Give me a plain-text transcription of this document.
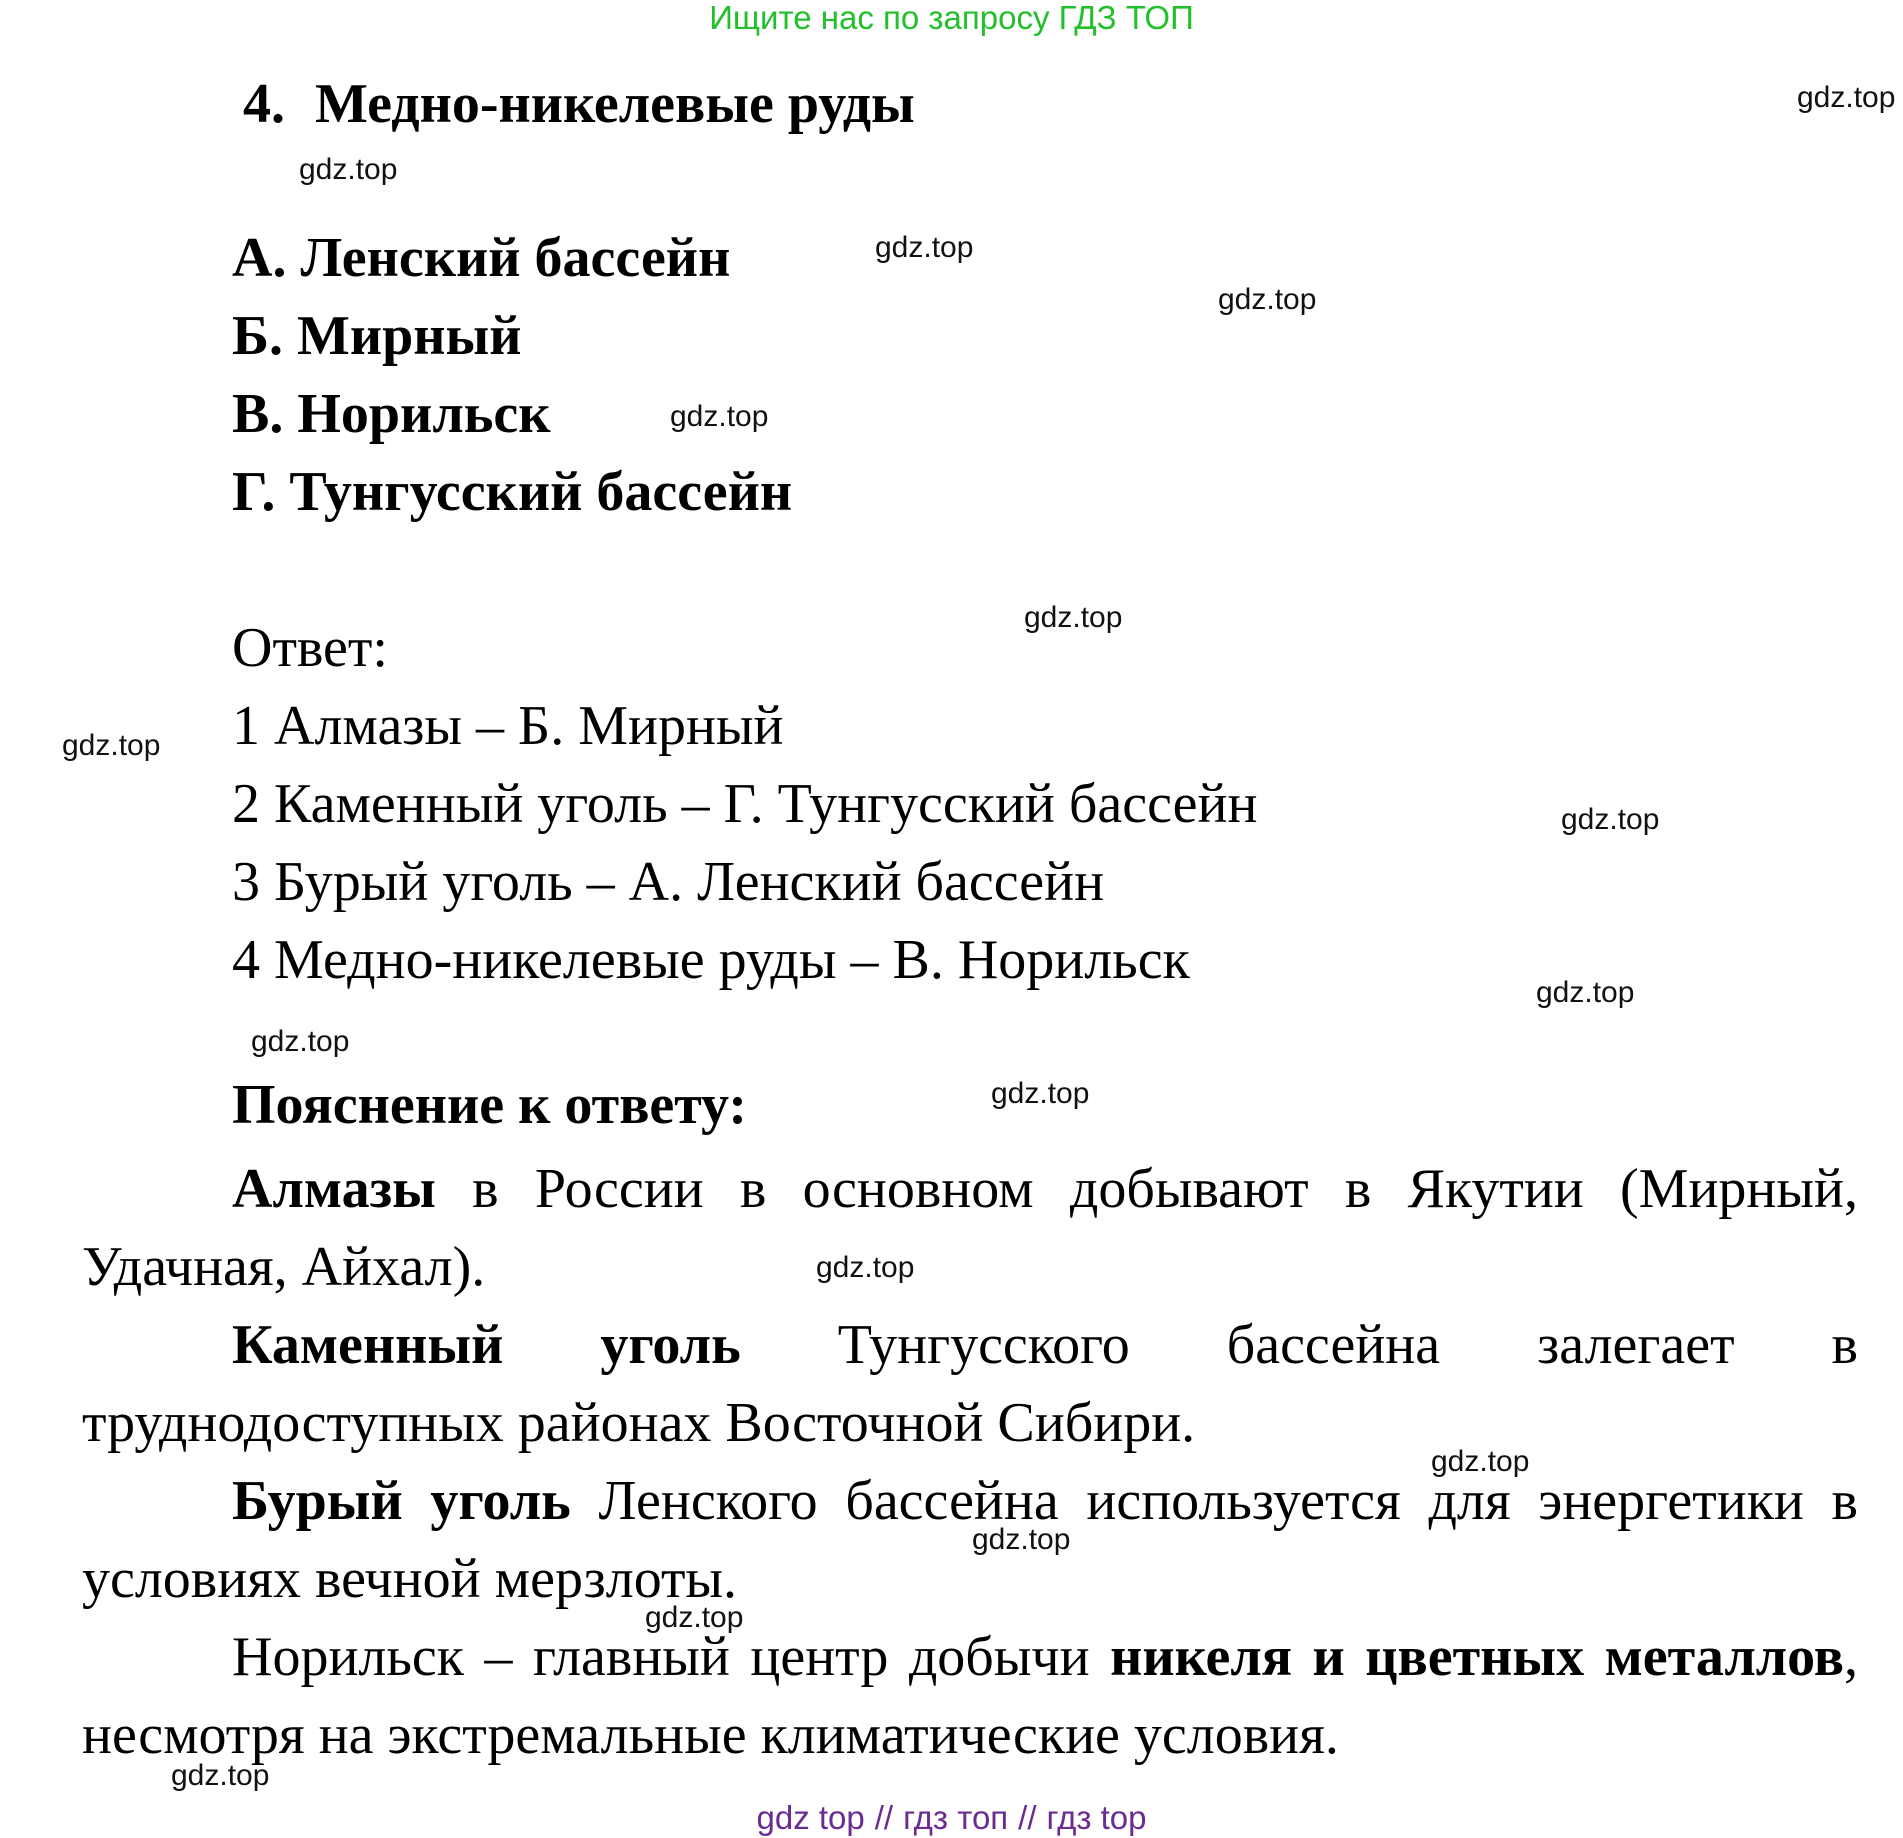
Ищите нас по запросу ГДЗ ТОП
4. Медно-никелевые руды
А. Ленский бассейн
Б. Мирный
В. Норильск
Г. Тунгусский бассейн
Ответ:
1 Алмазы – Б. Мирный
2 Каменный уголь – Г. Тунгусский бассейн
3 Бурый уголь – А. Ленский бассейн
4 Медно-никелевые руды – В. Норильск
Пояснение к ответу:
Алмазы в России в основном добывают в Якутии (Мирный, Удачная, Айхал).
Каменный уголь Тунгусского бассейна залегает в труднодоступных районах Восточной Сибири.
Бурый уголь Ленского бассейна используется для энергетики в условиях вечной мерзлоты.
Норильск – главный центр добычи никеля и цветных металлов, несмотря на экстремальные климатические условия.
gdz.top
gdz.top
gdz.top
gdz.top
gdz.top
gdz.top
gdz.top
gdz.top
gdz.top
gdz.top
gdz.top
gdz.top
gdz.top
gdz.top
gdz.top
gdz.top
gdz top // гдз топ // гдз top
